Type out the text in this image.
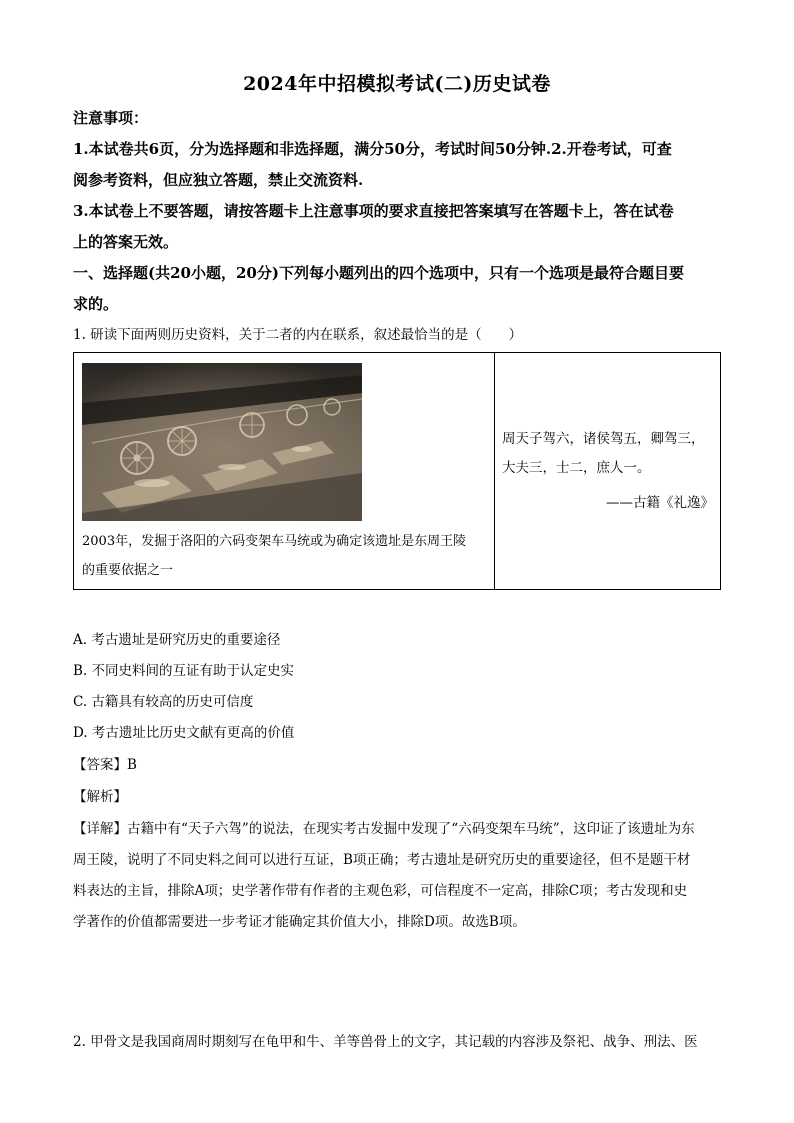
2024年中招模拟考试(二)历史试卷
注意事项：
1.本试卷共6页，分为选择题和非选择题，满分50分，考试时间50分钟.2.开卷考试，可查
阅参考资料，但应独立答题，禁止交流资料.
3.本试卷上不要答题，请按答题卡上注意事项的要求直接把答案填写在答题卡上，答在试卷
上的答案无效。
一、选择题(共20小题，20分)下列每小题列出的四个选项中，只有一个选项是最符合题目要
求的。
1. 研读下面两则历史资料，关于二者的内在联系，叙述最恰当的是（　　）
2003年，发掘于洛阳的六码变架车马统或为确定该遗址是东周王陵
的重要依据之一
周天子驾六，诸侯驾五，卿驾三，
大夫三，士二，庶人一。
——古籍《礼逸》
A. 考古遗址是研究历史的重要途径
B. 不同史料间的互证有助于认定史实
C. 古籍具有较高的历史可信度
D. 考古遗址比历史文献有更高的价值
【答案】B
【解析】
【详解】古籍中有“天子六驾”的说法，在现实考古发掘中发现了“六码变架车马统”，这印证了该遗址为东
周王陵，说明了不同史料之间可以进行互证，B项正确；考古遗址是研究历史的重要途径，但不是题干材
料表达的主旨，排除A项；史学著作带有作者的主观色彩，可信程度不一定高，排除C项；考古发现和史
学著作的价值都需要进一步考证才能确定其价值大小，排除D项。故选B项。
2. 甲骨文是我国商周时期刻写在龟甲和牛、羊等兽骨上的文字，其记载的内容涉及祭祀、战争、刑法、医
